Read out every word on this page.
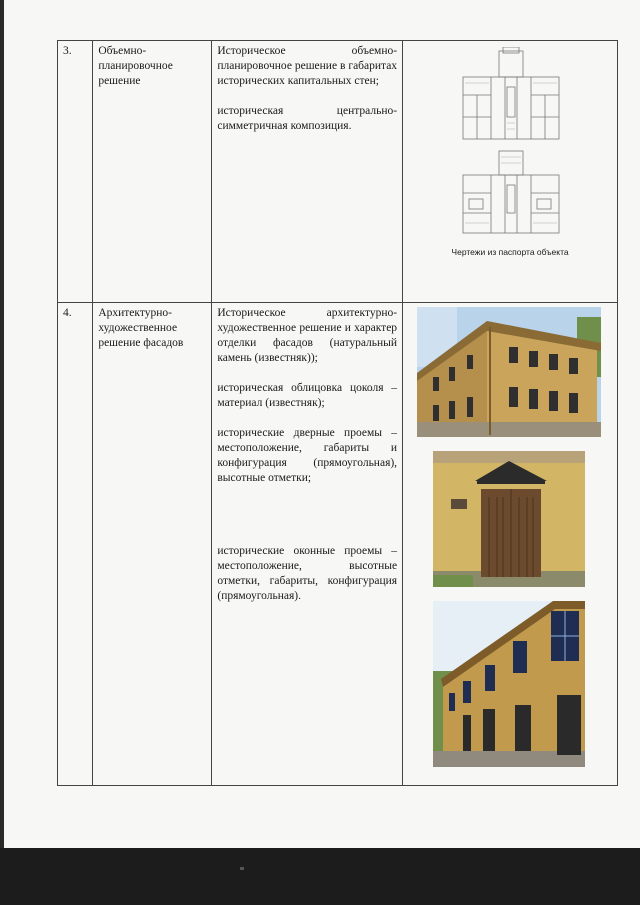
3.	Объемно-планировочное решение	Историческое объемно-планировочное решение в габаритах исторических капитальных стен;

историческая центрально-симметричная композиция.	Чертежи из паспорта объекта

4.	Архитектурно-художественное решение фасадов	Историческое архитектурно-художественное решение и характер отделки фасадов (натуральный камень (известняк));

историческая облицовка цоколя – материал (известняк);

исторические дверные проемы – местоположение, габариты и конфигурация (прямоугольная), высотные отметки;

исторические оконные проемы – местоположение, высотные отметки, габариты, конфигурация (прямоугольная).
